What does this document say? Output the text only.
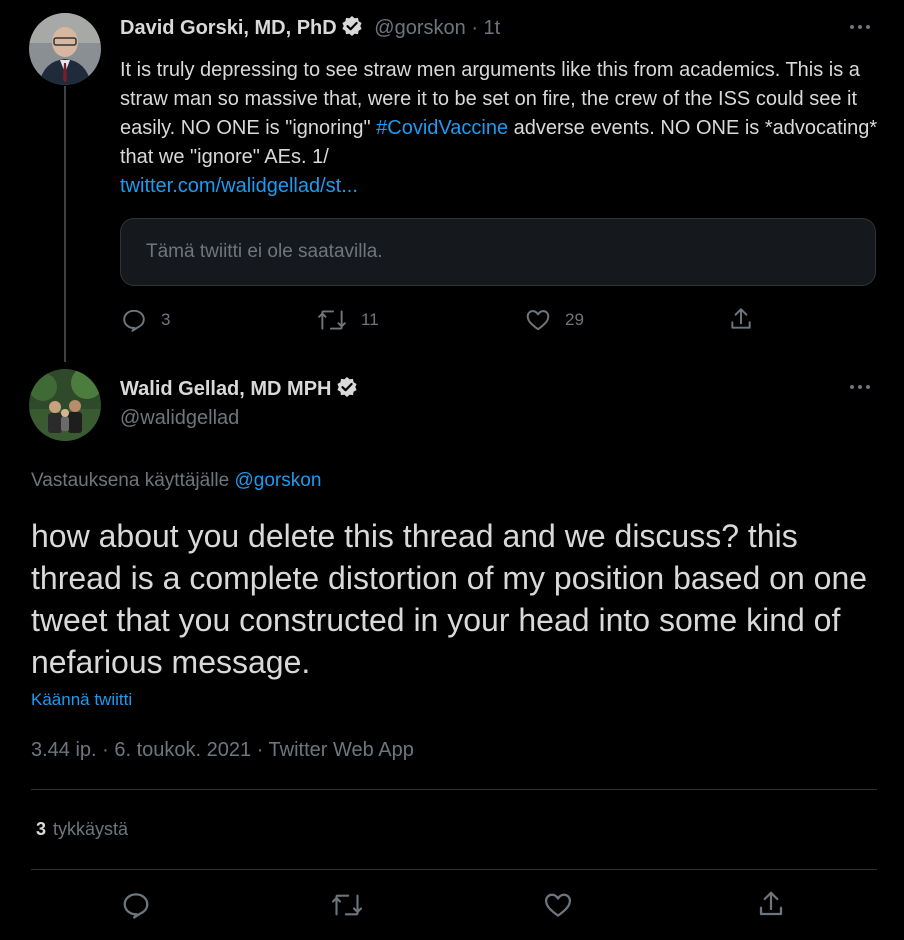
David Gorski, MD, PhD @gorskon · 1t
It is truly depressing to see straw men arguments like this from academics. This is a straw man so massive that, were it to be set on fire, the crew of the ISS could see it easily. NO ONE is "ignoring" #CovidVaccine adverse events. NO ONE is *advocating* that we "ignore" AEs. 1/
twitter.com/walidgellad/st...
Tämä twiitti ei ole saatavilla.
3	11	29
Walid Gellad, MD MPH
@walidgellad
Vastauksena käyttäjälle @gorskon
how about you delete this thread and we discuss? this thread is a complete distortion of my position based on one tweet that you constructed in your head into some kind of nefarious message.
Käännä twiitti
3.44 ip. · 6. toukok. 2021 · Twitter Web App
3 tykkäystä
